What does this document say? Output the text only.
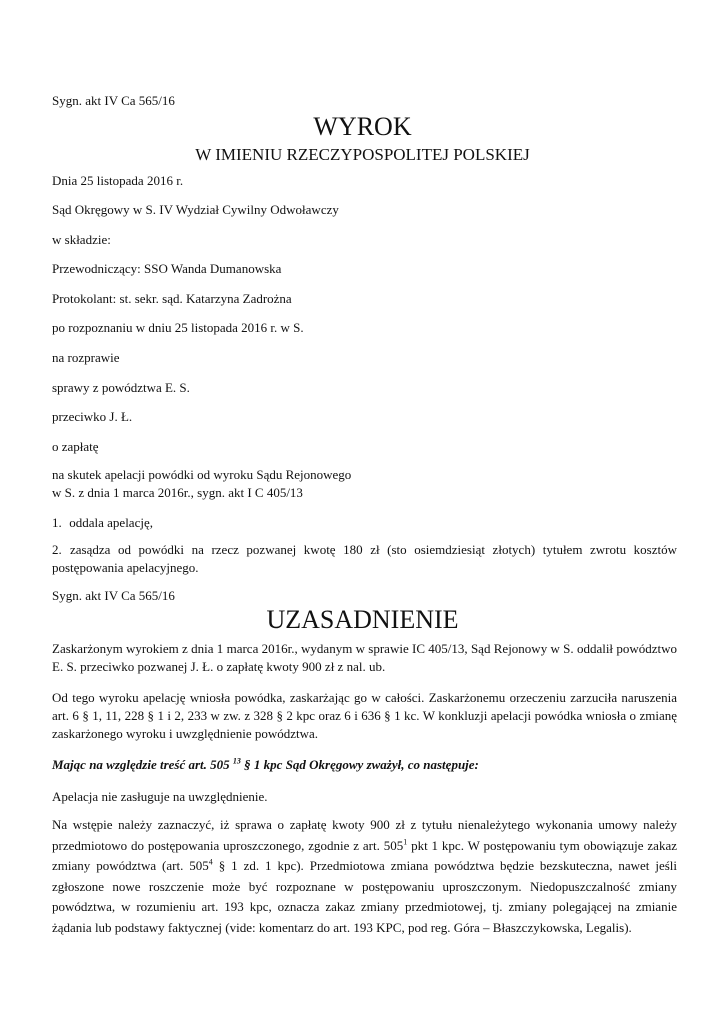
Sygn. akt IV Ca 565/16

WYROK
W IMIENIU RZECZYPOSPOLITEJ POLSKIEJ

Dnia 25 listopada 2016 r.

Sąd Okręgowy w S. IV Wydział Cywilny Odwoławczy

w składzie:

Przewodniczący: SSO Wanda Dumanowska

Protokolant: st. sekr. sąd. Katarzyna Zadrożna

po rozpoznaniu w dniu 25 listopada 2016 r. w S.

na rozprawie

sprawy z powództwa E. S.

przeciwko J. Ł.

o zapłatę

na skutek apelacji powódki od wyroku Sądu Rejonowego
w S. z dnia 1 marca 2016r., sygn. akt I C 405/13

1. oddala apelację,

2. zasądza od powódki na rzecz pozwanej kwotę 180 zł (sto osiemdziesiąt złotych) tytułem zwrotu kosztów postępowania apelacyjnego.

Sygn. akt IV Ca 565/16

UZASADNIENIE

Zaskarżonym wyrokiem z dnia 1 marca 2016r., wydanym w sprawie IC 405/13, Sąd Rejonowy w S. oddalił powództwo E. S. przeciwko pozwanej J. Ł. o zapłatę kwoty 900 zł z nal. ub.

Od tego wyroku apelację wniosła powódka, zaskarżając go w całości. Zaskarżonemu orzeczeniu zarzuciła naruszenia art. 6 § 1, 11, 228 § 1 i 2, 233 w zw. z 328 § 2 kpc oraz 6 i 636 § 1 kc. W konkluzji apelacji powódka wniosła o zmianę zaskarżonego wyroku i uwzględnienie powództwa.

Mając na względzie treść art. 505 $^{13}$ § 1 kpc Sąd Okręgowy zważył, co następuje:

Apelacja nie zasługuje na uwzględnienie.

Na wstępie należy zaznaczyć, iż sprawa o zapłatę kwoty 900 zł z tytułu nienależytego wykonania umowy należy przedmiotowo do postępowania uproszczonego, zgodnie z art. $505^1$ pkt 1 kpc. W postępowaniu tym obowiązuje zakaz zmiany powództwa (art. $505^4$ § 1 zd. 1 kpc). Przedmiotowa zmiana powództwa będzie bezskuteczna, nawet jeśli zgłoszone nowe roszczenie może być rozpoznane w postępowaniu uproszczonym. Niedopuszczalność zmiany powództwa, w rozumieniu art. 193 kpc, oznacza zakaz zmiany przedmiotowej, tj. zmiany polegającej na zmianie żądania lub podstawy faktycznej (vide: komentarz do art. 193 KPC, pod reg. Góra – Błaszczykowska, Legalis).
